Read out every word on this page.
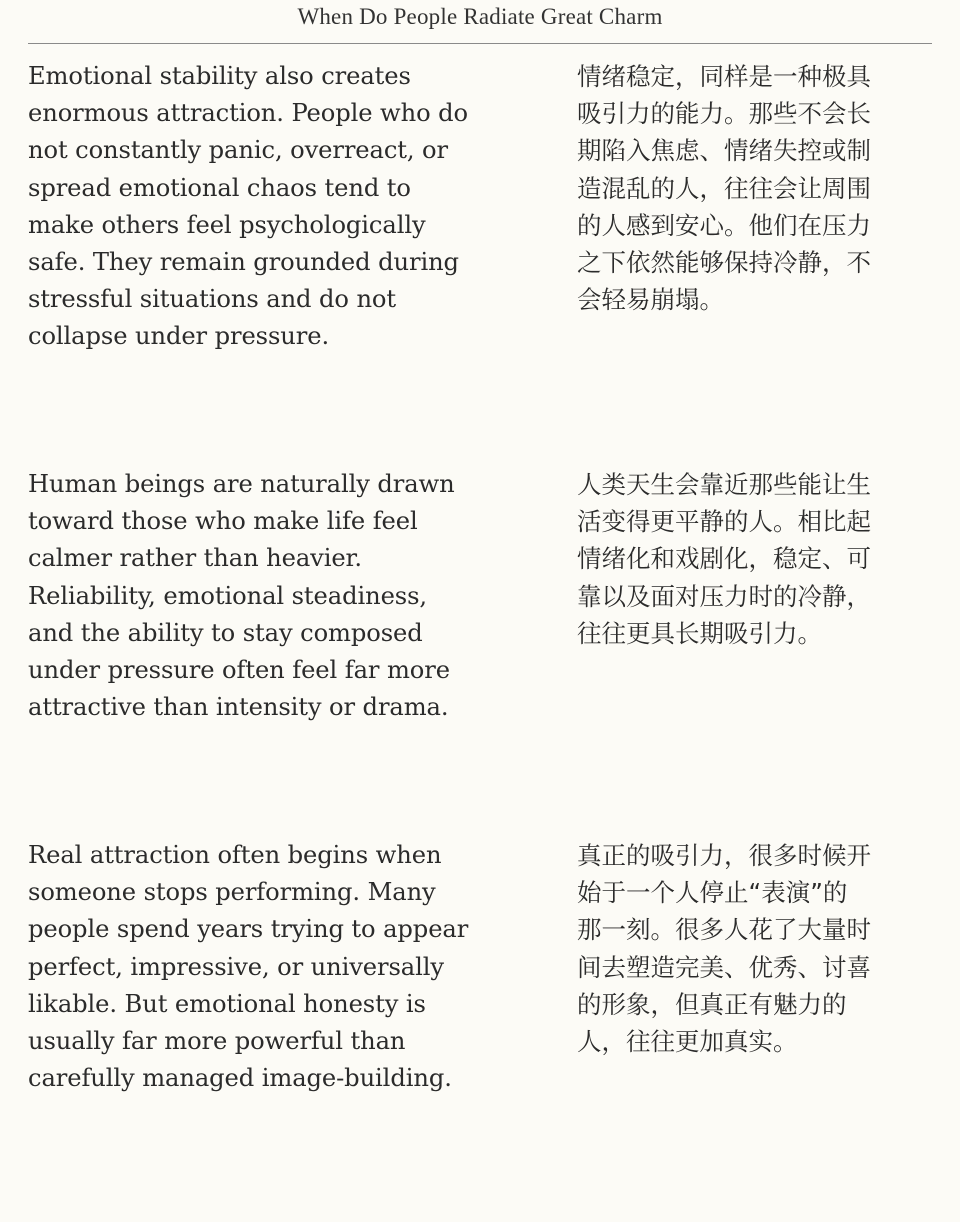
When Do People Radiate Great Charm
Emotional stability also creates
enormous attraction. People who do
not constantly panic, overreact, or
spread emotional chaos tend to
make others feel psychologically
safe. They remain grounded during
stressful situations and do not
collapse under pressure.
情绪稳定，同样是一种极具
吸引力的能力。那些不会长
期陷入焦虑、情绪失控或制
造混乱的人，往往会让周围
的人感到安心。他们在压力
之下依然能够保持冷静，不
会轻易崩塌。
Human beings are naturally drawn
toward those who make life feel
calmer rather than heavier.
Reliability, emotional steadiness,
and the ability to stay composed
under pressure often feel far more
attractive than intensity or drama.
人类天生会靠近那些能让生
活变得更平静的人。相比起
情绪化和戏剧化，稳定、可
靠以及面对压力时的冷静，
往往更具长期吸引力。
Real attraction often begins when
someone stops performing. Many
people spend years trying to appear
perfect, impressive, or universally
likable. But emotional honesty is
usually far more powerful than
carefully managed image-building.
真正的吸引力，很多时候开
始于一个人停止“表演”的
那一刻。很多人花了大量时
间去塑造完美、优秀、讨喜
的形象，但真正有魅力的
人，往往更加真实。
